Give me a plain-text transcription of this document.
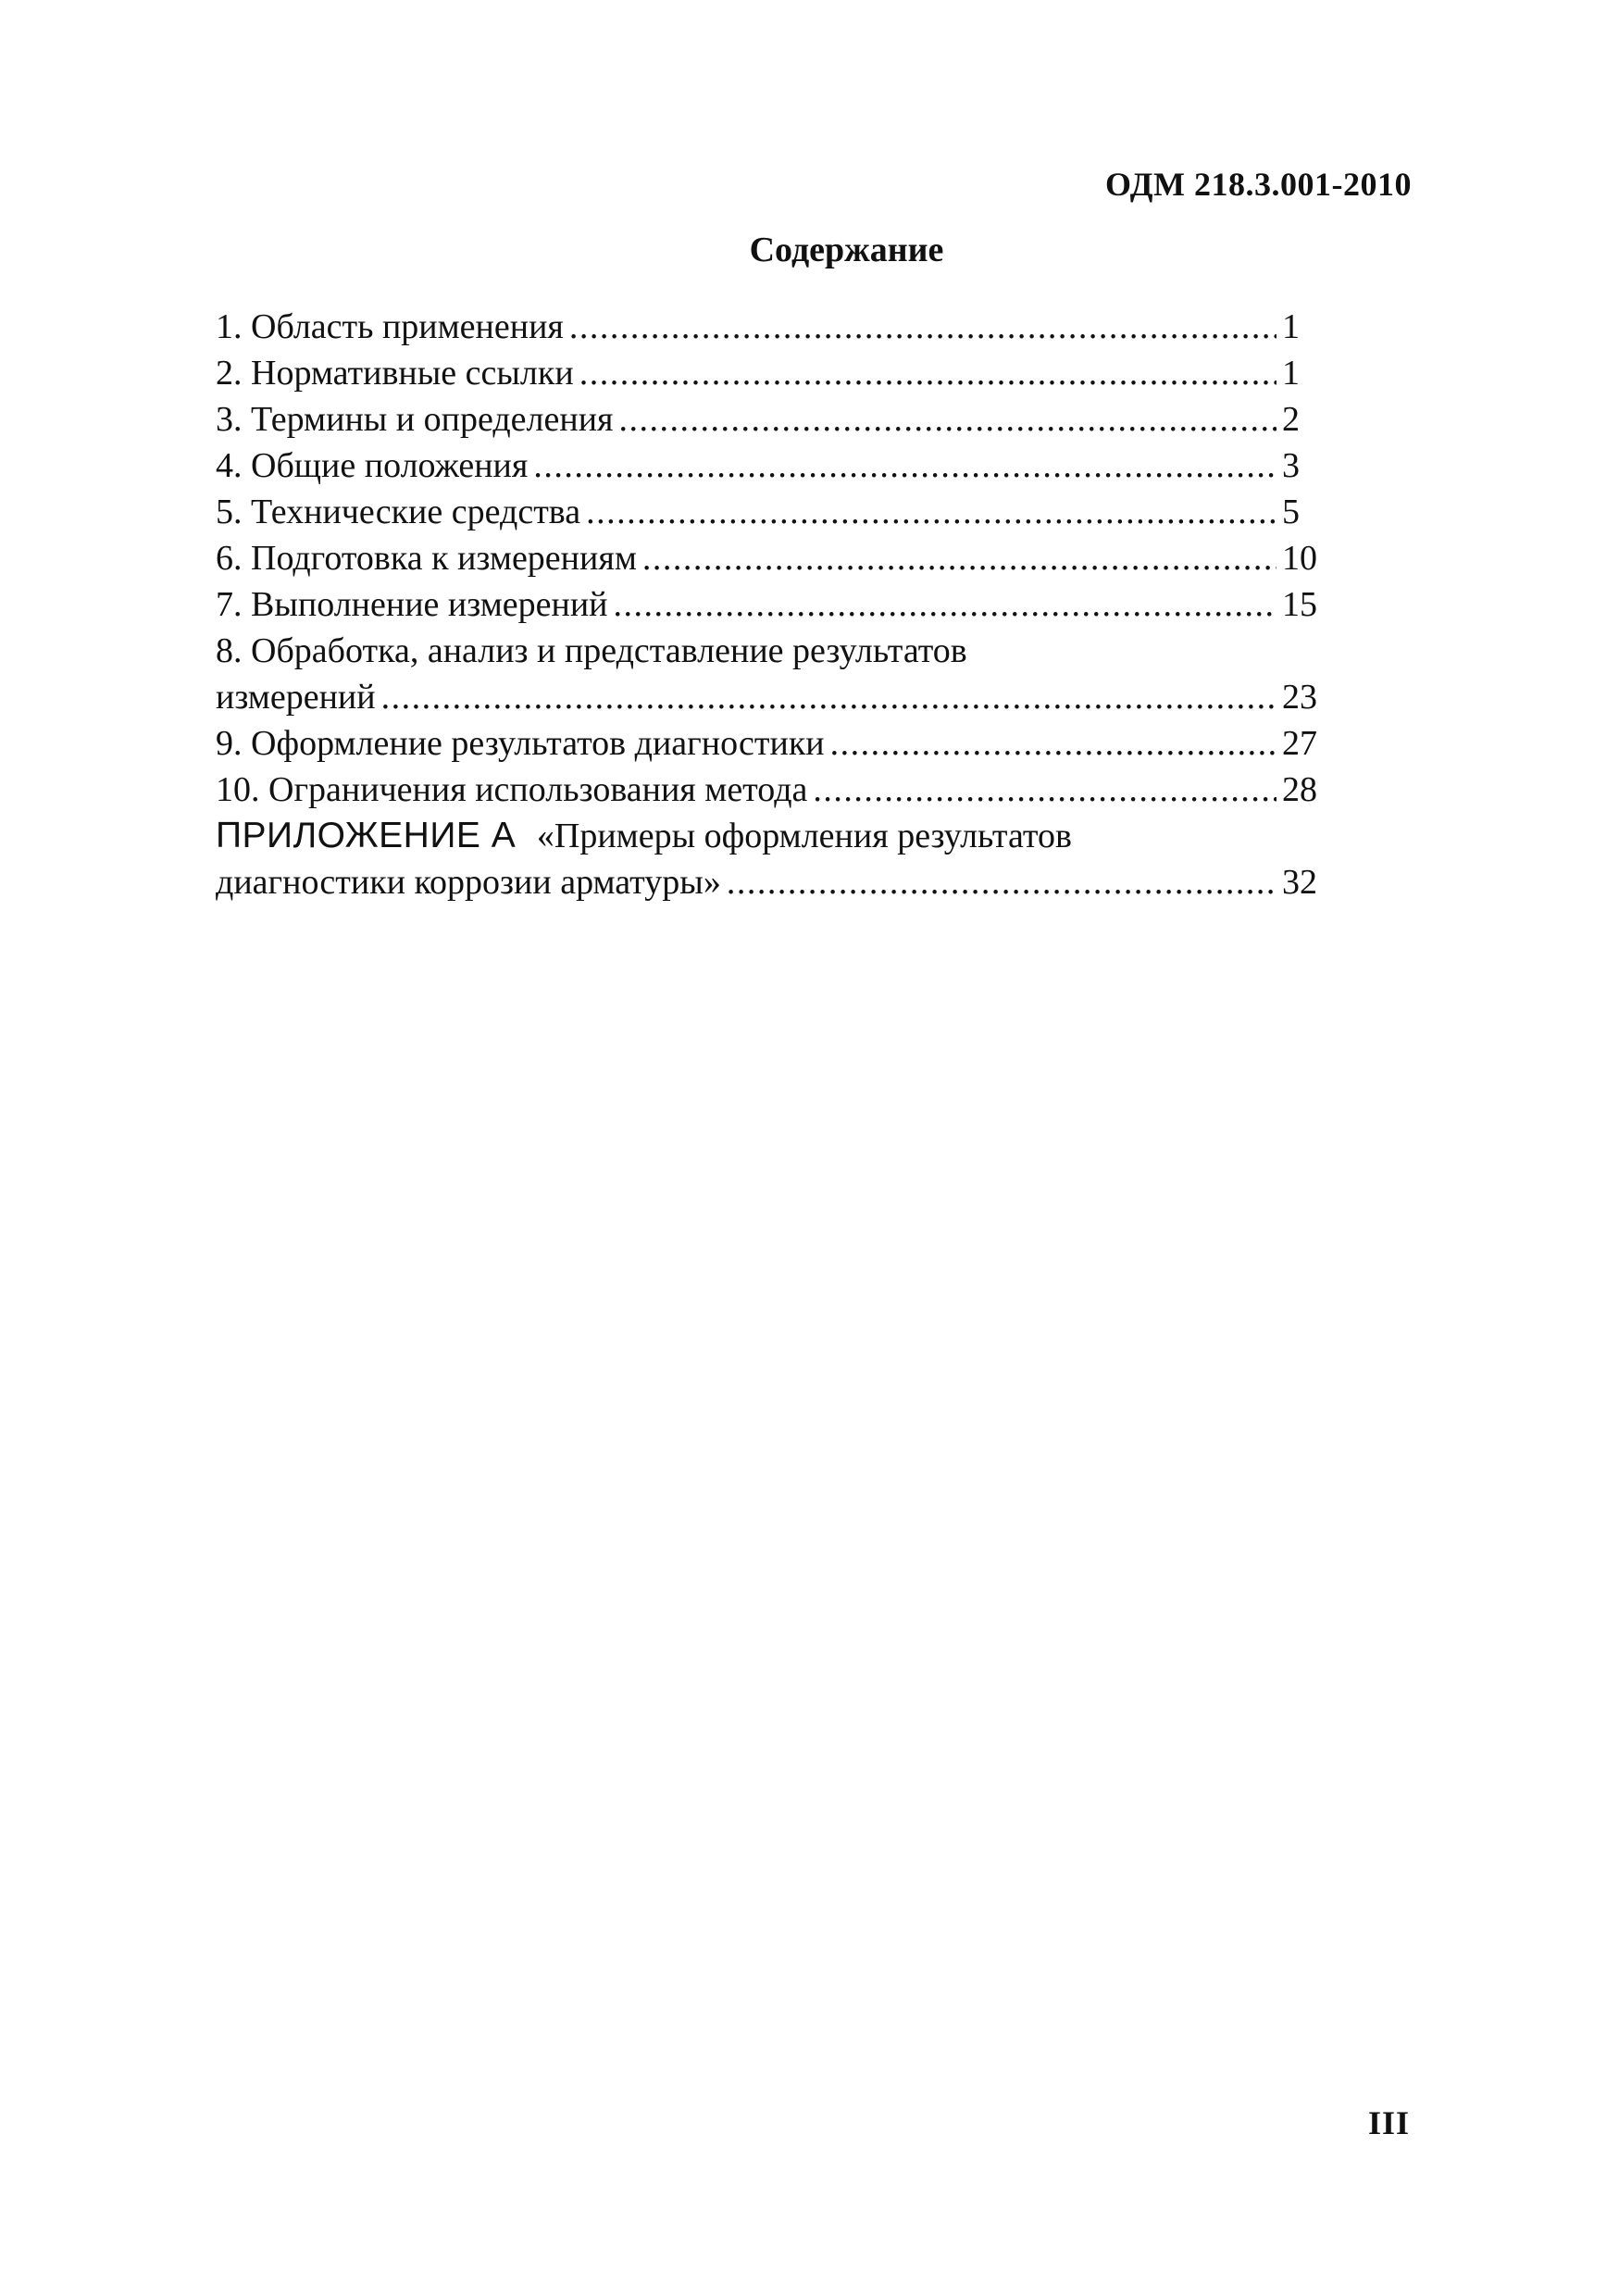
ОДМ 218.3.001-2010
Содержание
1. Область применения .....	1
2. Нормативные ссылки .....	1
3. Термины и определения .....	2
4. Общие положения .....	3
5. Технические средства .....	5
6. Подготовка к измерениям .....	10
7. Выполнение измерений .....	15
8. Обработка, анализ и представление результатов
измерений .....	23
9. Оформление результатов диагностики .....	27
10. Ограничения использования метода .....	28
ПРИЛОЖЕНИЕ А «Примеры оформления результатов
диагностики коррозии арматуры» .....	32
III
